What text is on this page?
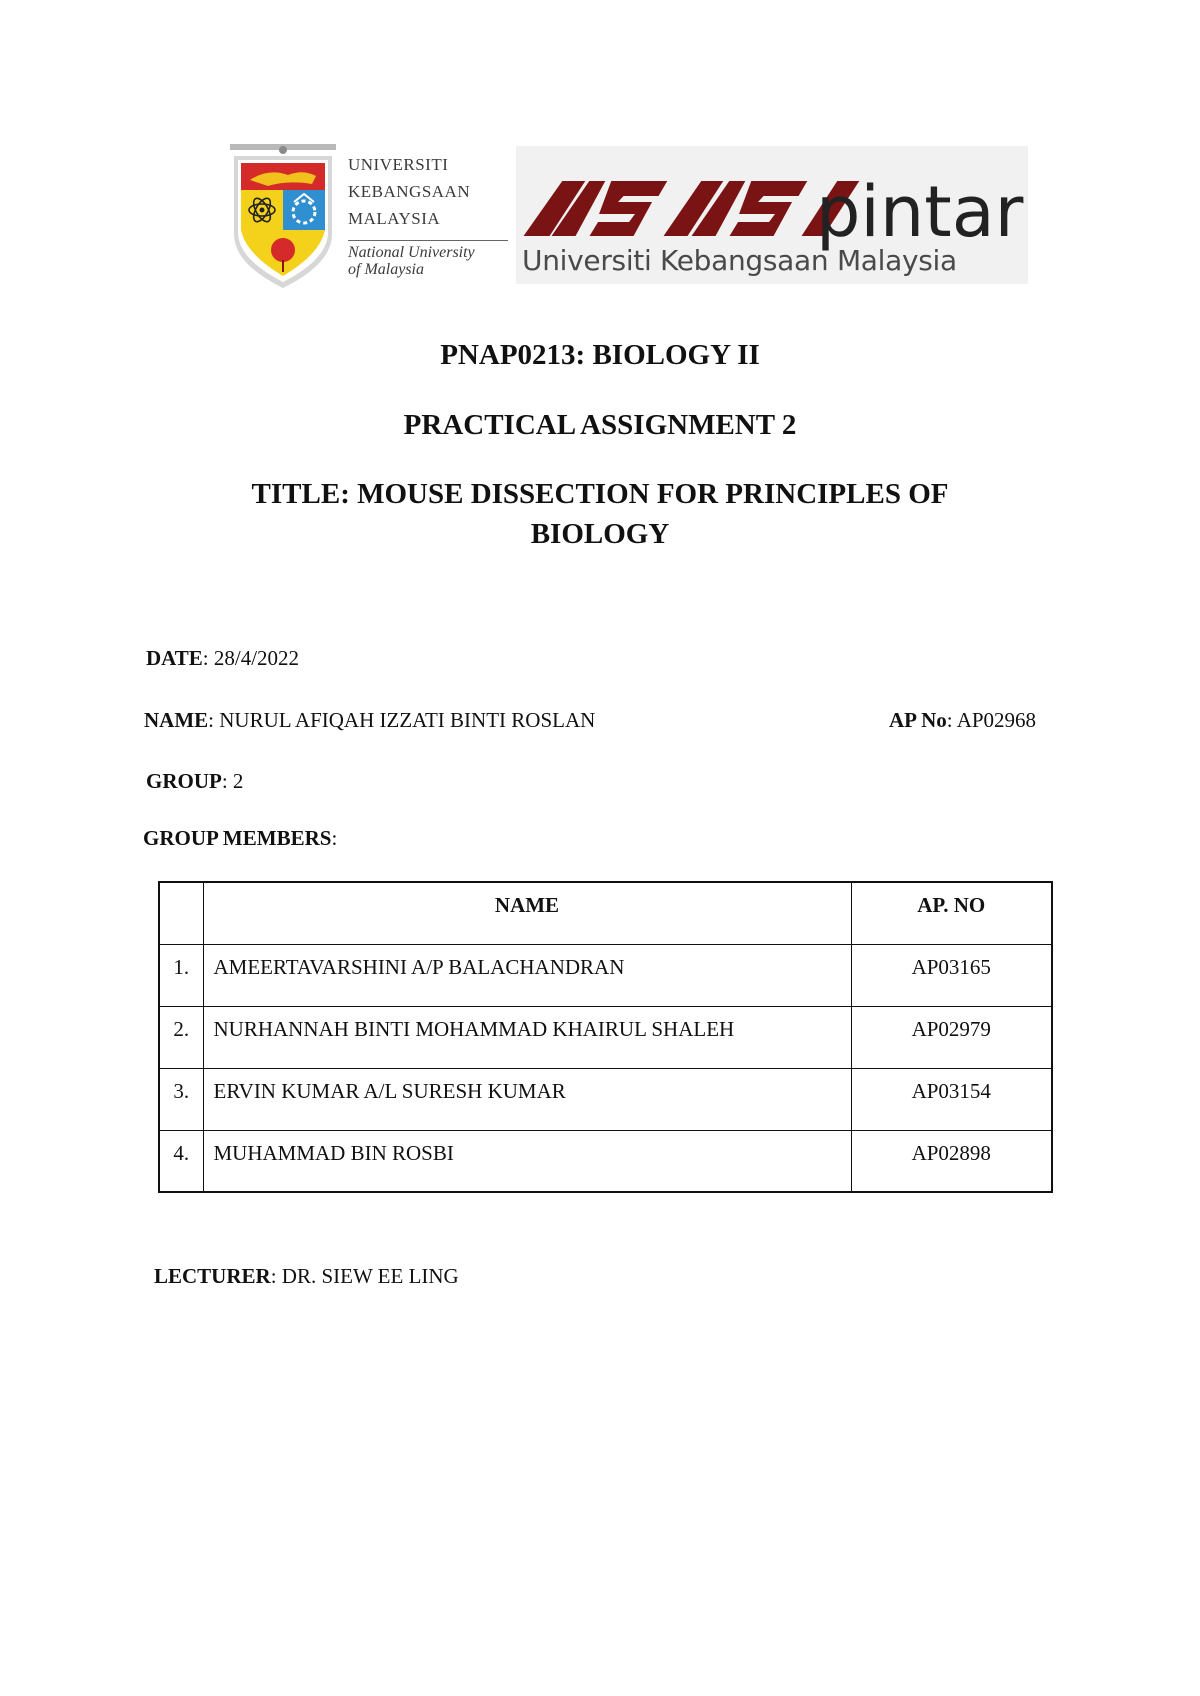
UNIVERSITI
KEBANGSAAN
MALAYSIA
National University
of Malaysia
pintar
Universiti Kebangsaan Malaysia
PNAP0213: BIOLOGY II
PRACTICAL ASSIGNMENT 2
TITLE: MOUSE DISSECTION FOR PRINCIPLES OF
BIOLOGY
DATE: 28/4/2022
NAME: NURUL AFIQAH IZZATI BINTI ROSLAN	AP No: AP02968
GROUP: 2
GROUP MEMBERS:
	NAME	AP. NO
1.	AMEERTAVARSHINI A/P BALACHANDRAN	AP03165
2.	NURHANNAH BINTI MOHAMMAD KHAIRUL SHALEH	AP02979
3.	ERVIN KUMAR A/L SURESH KUMAR	AP03154
4.	MUHAMMAD BIN ROSBI	AP02898
LECTURER: DR. SIEW EE LING
